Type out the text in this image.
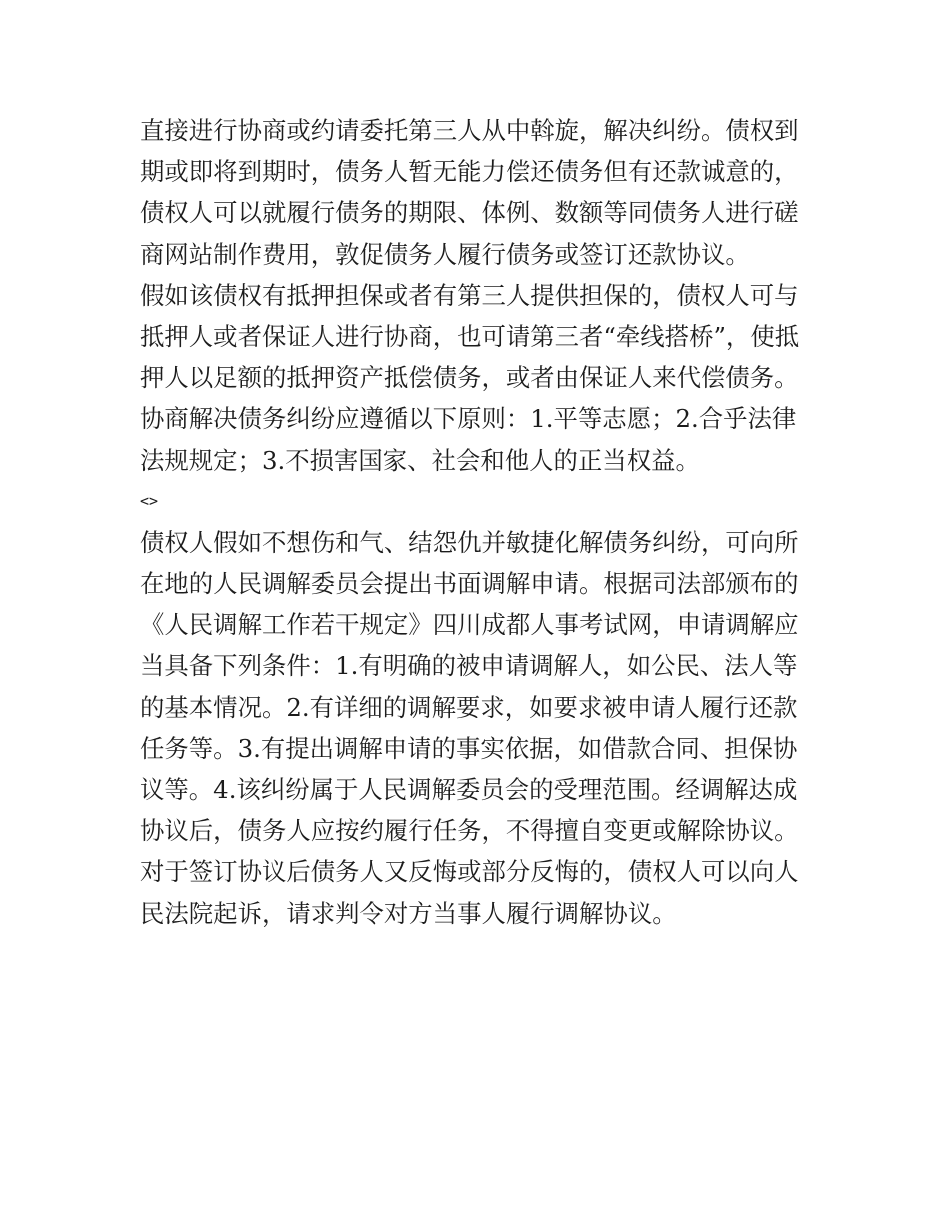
直接进行协商或约请委托第三人从中斡旋，解决纠纷。债权到
期或即将到期时，债务人暂无能力偿还债务但有还款诚意的，
债权人可以就履行债务的期限、体例、数额等同债务人进行磋
商网站制作费用，敦促债务人履行债务或签订还款协议。
假如该债权有抵押担保或者有第三人提供担保的，债权人可与
抵押人或者保证人进行协商，也可请第三者“牵线搭桥”，使抵
押人以足额的抵押资产抵偿债务，或者由保证人来代偿债务。
协商解决债务纠纷应遵循以下原则：1.平等志愿；2.合乎法律
法规规定；3.不损害国家、社会和他人的正当权益。
<>
债权人假如不想伤和气、结怨仇并敏捷化解债务纠纷，可向所
在地的人民调解委员会提出书面调解申请。根据司法部颁布的
《人民调解工作若干规定》四川成都人事考试网，申请调解应
当具备下列条件：1.有明确的被申请调解人，如公民、法人等
的基本情况。2.有详细的调解要求，如要求被申请人履行还款
任务等。3.有提出调解申请的事实依据，如借款合同、担保协
议等。4.该纠纷属于人民调解委员会的受理范围。经调解达成
协议后，债务人应按约履行任务，不得擅自变更或解除协议。
对于签订协议后债务人又反悔或部分反悔的，债权人可以向人
民法院起诉，请求判令对方当事人履行调解协议。
